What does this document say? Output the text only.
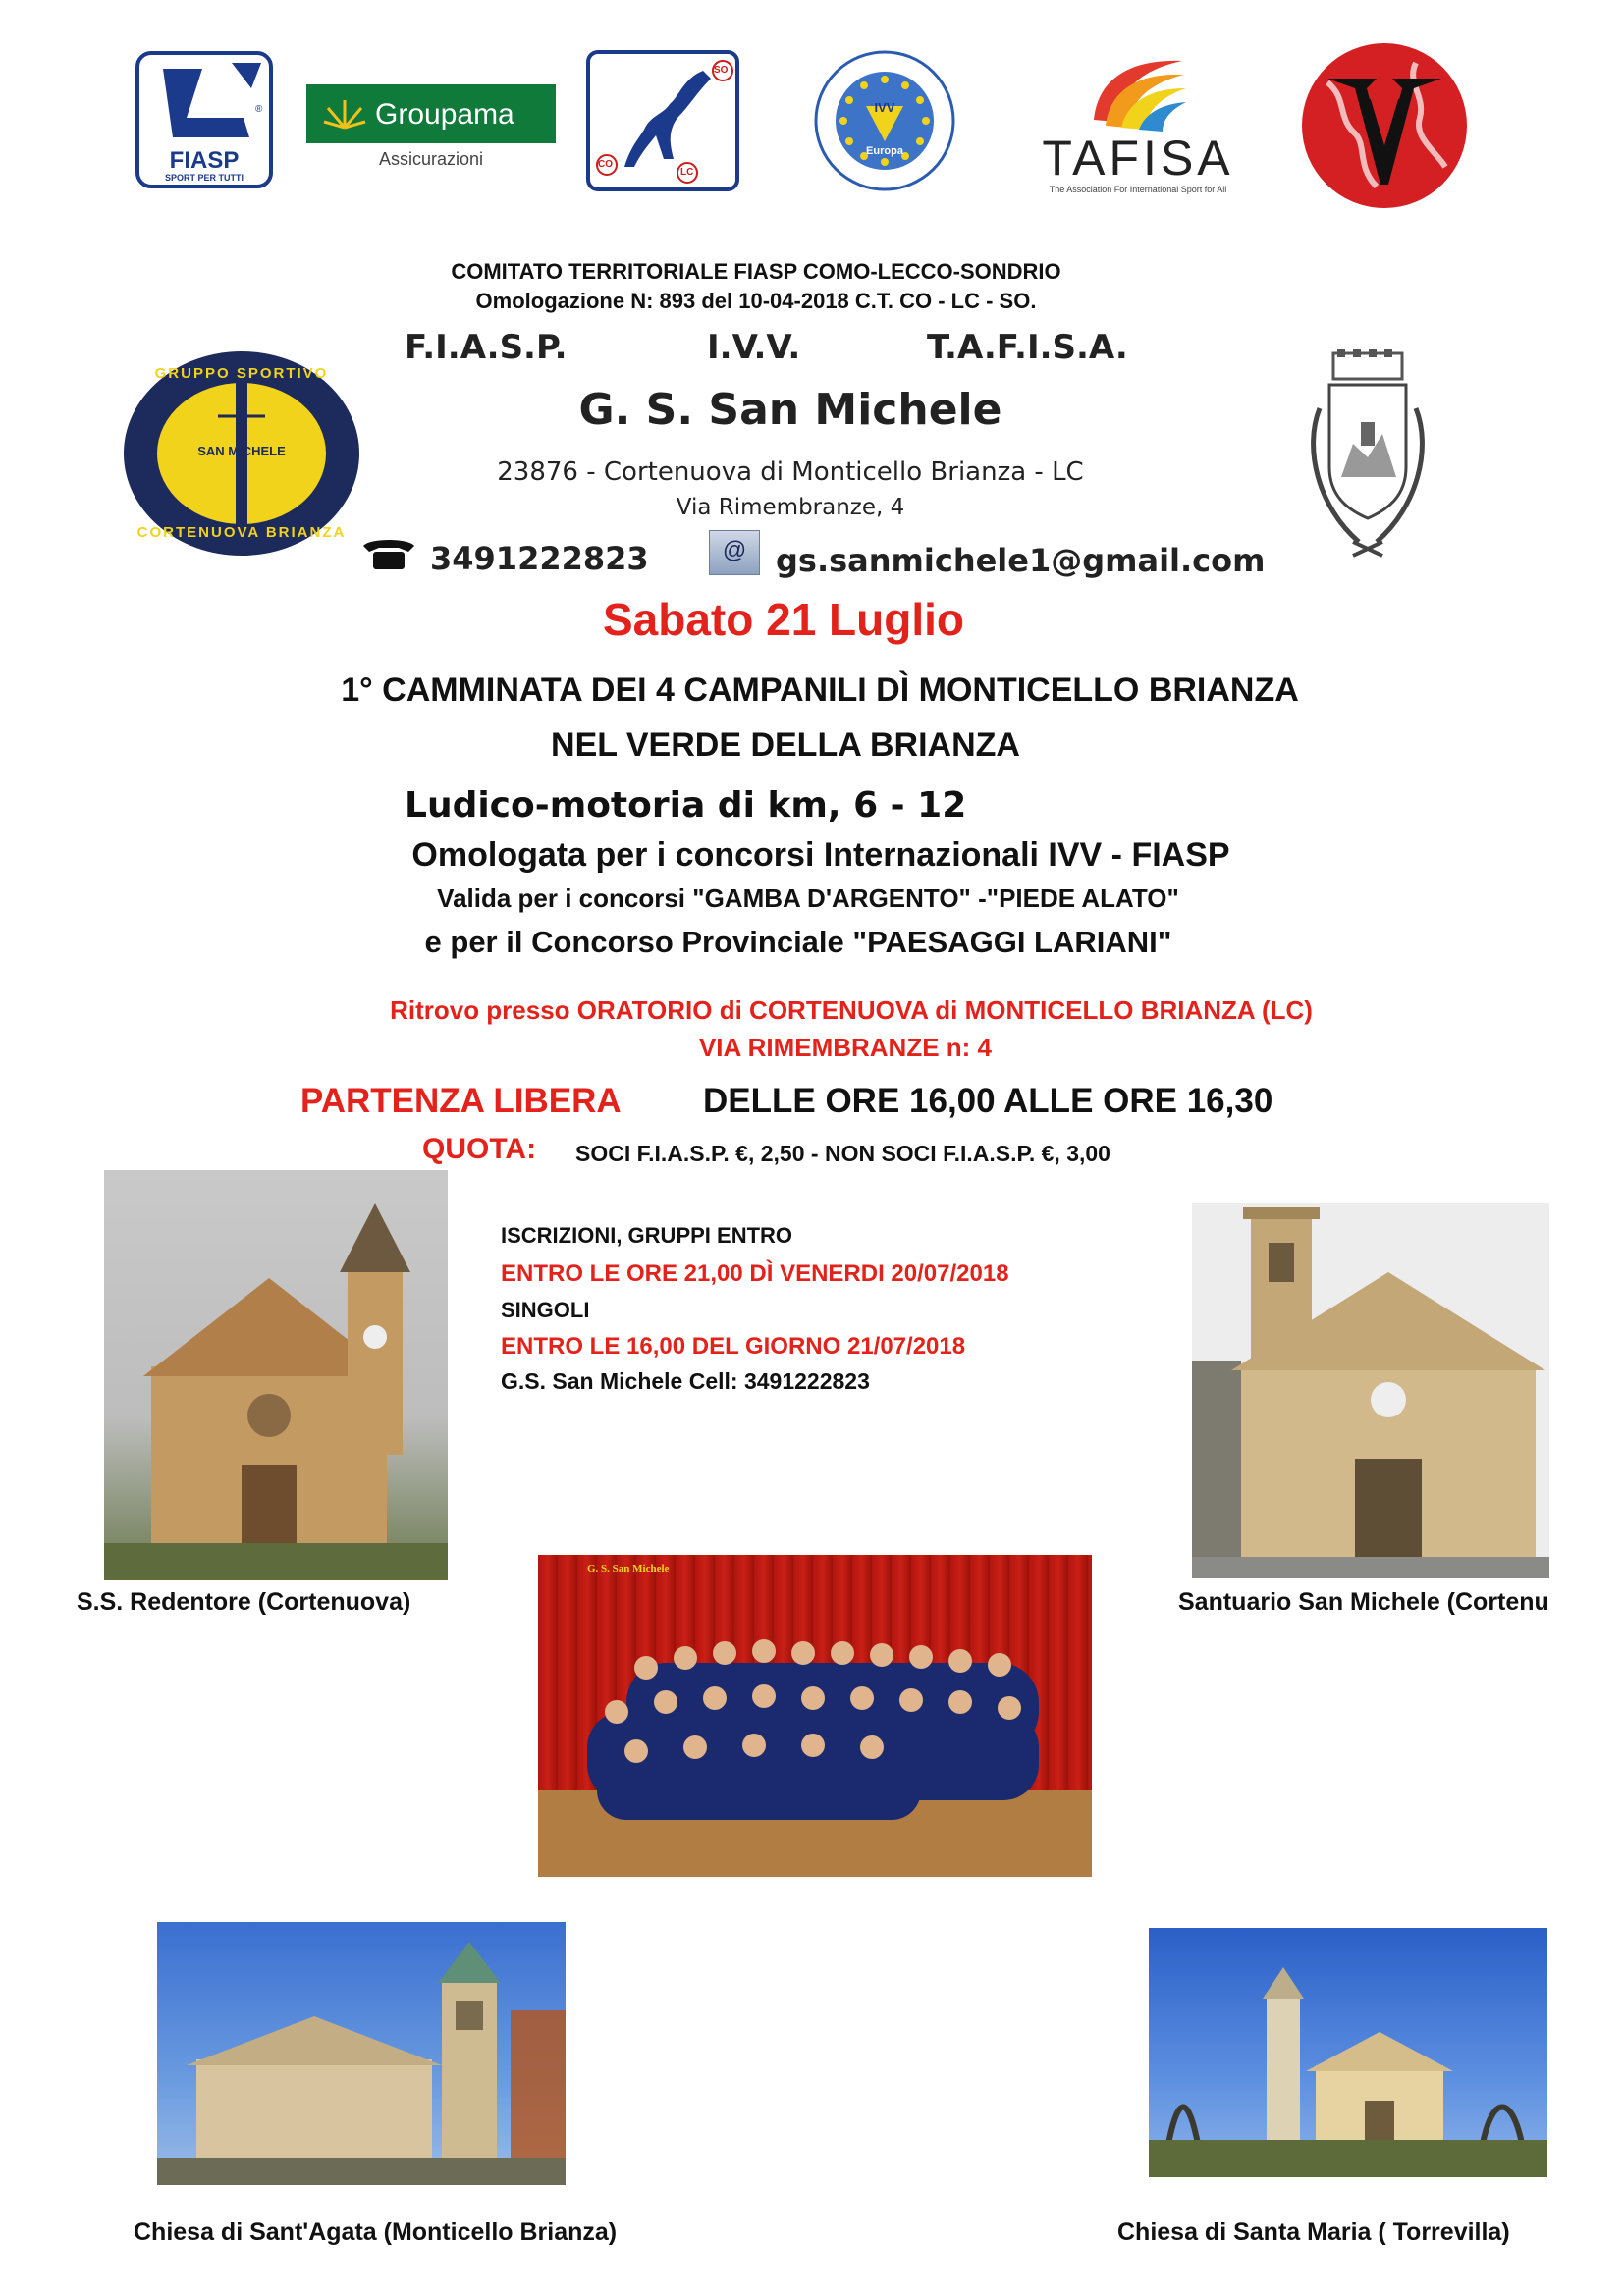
FIASP
SPORT PER TUTTI
®	Groupama
Assicurazioni
SO
CO
LC
IVV
Europa	TAFISA
The Association For International Sport for All
COMITATO TERRITORIALE FIASP COMO-LECCO-SONDRIO
Omologazione N: 893 del 10-04-2018 C.T. CO - LC - SO.
F.I.A.S.P.	I.V.V.	T.A.F.I.S.A.
GRUPPO SPORTIVO
CORTENUOVA BRIANZA
SAN MICHELE
G. S. San Michele
23876 - Cortenuova di Monticello Brianza - LC
Via Rimembranze, 4
3491222823	@ gs.sanmichele1@gmail.com
Sabato 21 Luglio
1° CAMMINATA DEI 4 CAMPANILI DÌ MONTICELLO BRIANZA
NEL VERDE DELLA BRIANZA
Ludico-motoria di km, 6 - 12
Omologata per i concorsi Internazionali IVV - FIASP
Valida per i concorsi "GAMBA D'ARGENTO" -"PIEDE ALATO"
e per il Concorso Provinciale "PAESAGGI LARIANI"
Ritrovo presso ORATORIO di CORTENUOVA di MONTICELLO BRIANZA (LC)
VIA RIMEMBRANZE n: 4
PARTENZA LIBERA DELLE ORE 16,00 ALLE ORE 16,30
QUOTA: SOCI F.I.A.S.P. €, 2,50 - NON SOCI F.I.A.S.P. €, 3,00
ISCRIZIONI, GRUPPI ENTRO
ENTRO LE ORE 21,00 DÌ VENERDI 20/07/2018
SINGOLI
ENTRO LE 16,00 DEL GIORNO 21/07/2018
G.S. San Michele Cell: 3491222823
S.S. Redentore (Cortenuova)	Santuario San Michele (Cortenu
G. S. San Michele
Chiesa di Sant'Agata (Monticello Brianza)	Chiesa di Santa Maria ( Torrevilla)
